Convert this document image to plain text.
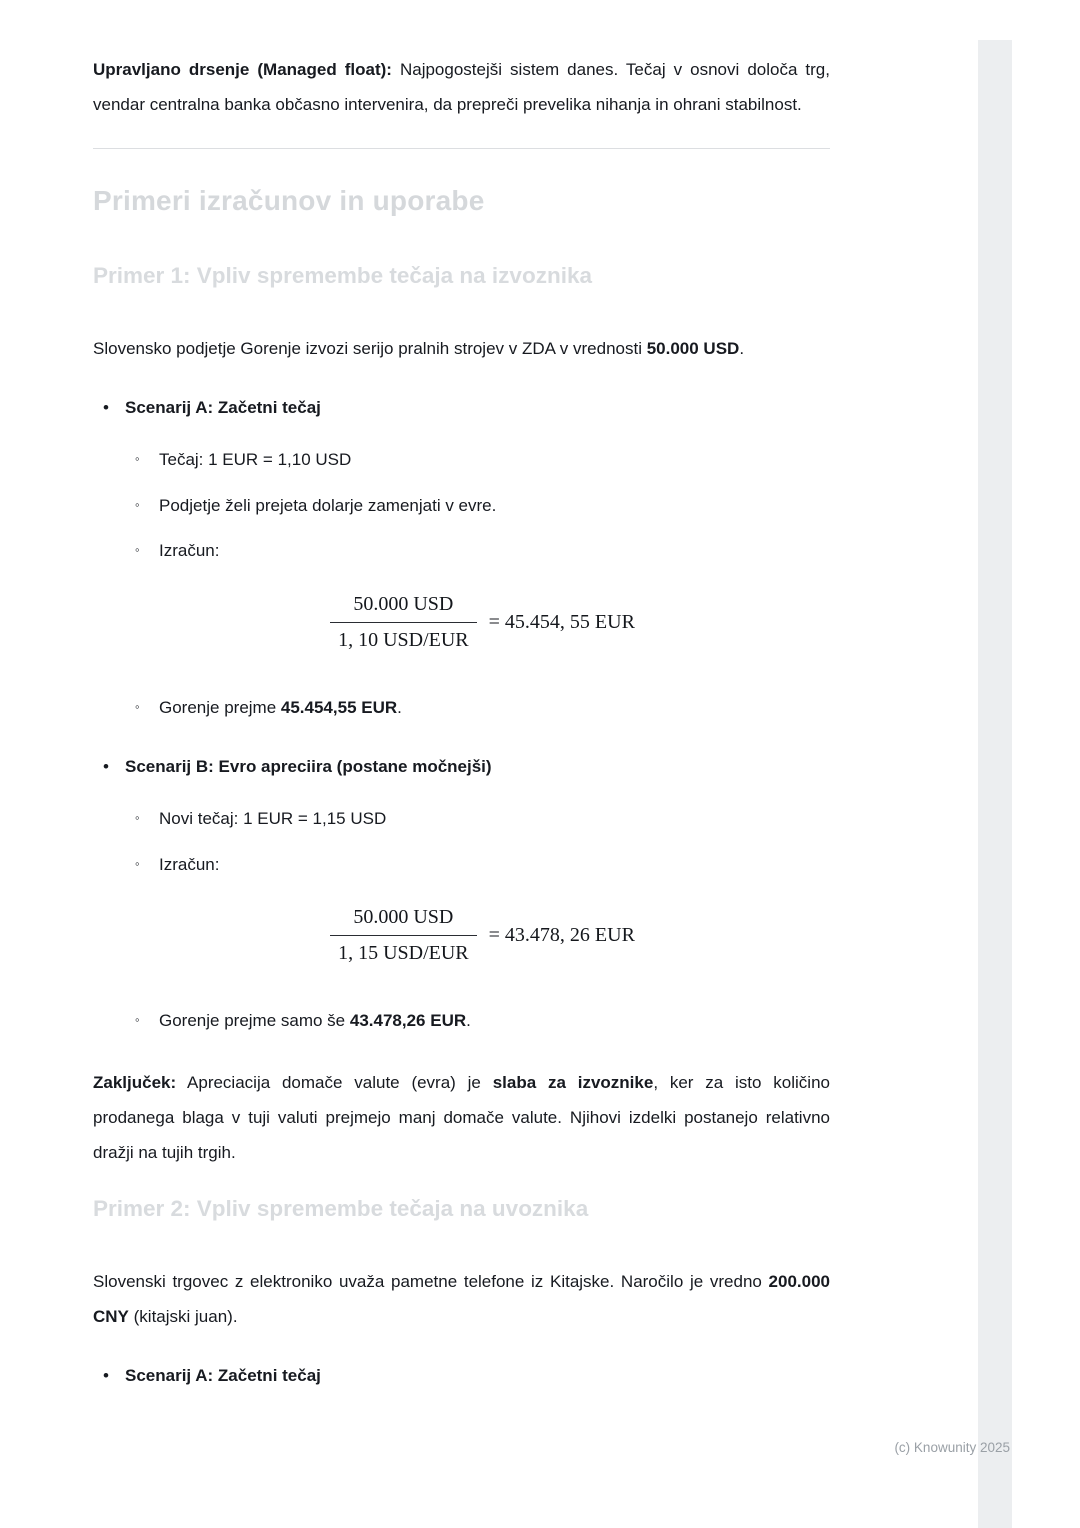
Upravljano drsenje (Managed float): Najpogostejši sistem danes. Tečaj v osnovi določa trg, vendar centralna banka občasno intervenira, da prepreči prevelika nihanja in ohrani stabilnost.

Primeri izračunov in uporabe
Primer 1: Vpliv spremembe tečaja na izvoznika

Slovensko podjetje Gorenje izvozi serijo pralnih strojev v ZDA v vrednosti 50.000 USD.

• Scenarij A: Začetni tečaj

◦	Tečaj: 1 EUR = 1,10 USD
◦	Podjetje želi prejeta dolarje zamenjati v evre.
◦	Izračun:
$\frac{\text{50.000 USD}}{\text{1, 10 USD/EUR}} = 45.454$, 55 EUR
◦	Gorenje prejme 45.454,55 EUR.
• Scenarij B: Evro apreciira (postane močnejši)

◦	Novi tečaj: 1 EUR = 1,15 USD
◦	Izračun:
$\frac{\text{50.000 USD}}{\text{1, 15 USD/EUR}} = 43.478$, 26 EUR
◦	Gorenje prejme samo še 43.478,26 EUR.

Zaključek: Apreciacija domače valute (evra) je slaba za izvoznike, ker za isto količino prodanega blaga v tuji valuti prejmejo manj domače valute. Njihovi izdelki postanejo relativno dražji na tujih trgih.

Primer 2: Vpliv spremembe tečaja na uvoznika

Slovenski trgovec z elektroniko uvaža pametne telefone iz Kitajske. Naročilo je vredno 200.000 CNY (kitajski juan).

• Scenarij A: Začetni tečaj

(c) Knowunity 2025
